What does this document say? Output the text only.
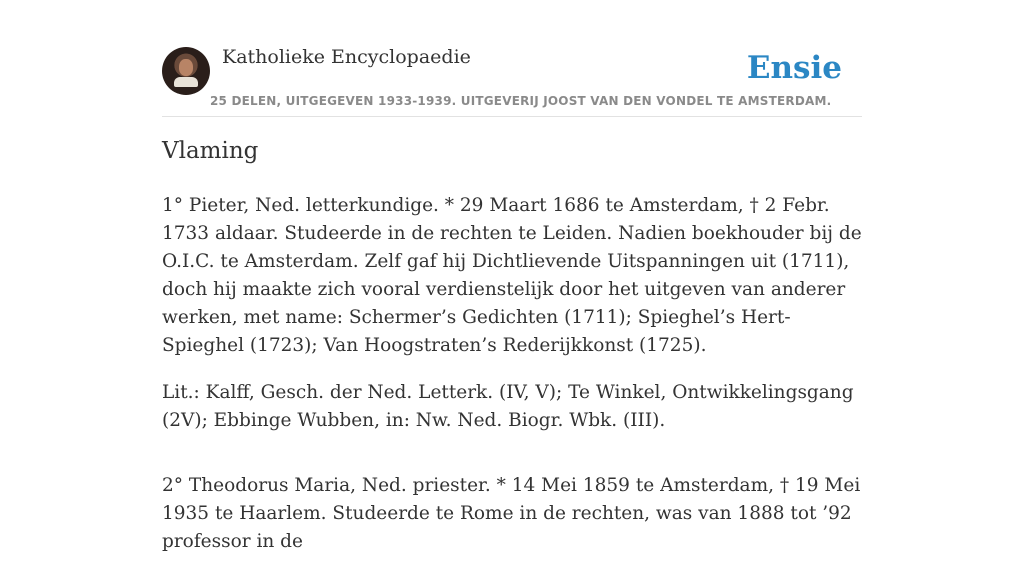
Katholieke Encyclopaedie
25 DELEN, UITGEGEVEN 1933-1939. UITGEVERIJ JOOST VAN DEN VONDEL TE AMSTERDAM.
Ensie
Vlaming

1° Pieter, Ned. letterkundige. * 29 Maart 1686 te Amsterdam, † 2 Febr. 1733 aldaar. Studeerde in de rechten te Leiden. Nadien boekhouder bij de O.I.C. te Amsterdam. Zelf gaf hij Dichtlievende Uitspanningen uit (1711), doch hij maakte zich vooral verdienstelijk door het uitgeven van anderer werken, met name: Schermer’s Gedichten (1711); Spieghel’s Hert-Spieghel (1723); Van Hoogstraten’s Rederijkkonst (1725).

Lit.: Kalff, Gesch. der Ned. Letterk. (IV, V); Te Winkel, Ontwikkelingsgang (2V); Ebbinge Wubben, in: Nw. Ned. Biogr. Wbk. (III).

2° Theodorus Maria, Ned. priester. * 14 Mei 1859 te Amsterdam, † 19 Mei 1935 te Haarlem. Studeerde te Rome in de rechten, was van 1888 tot ’92 professor in de
